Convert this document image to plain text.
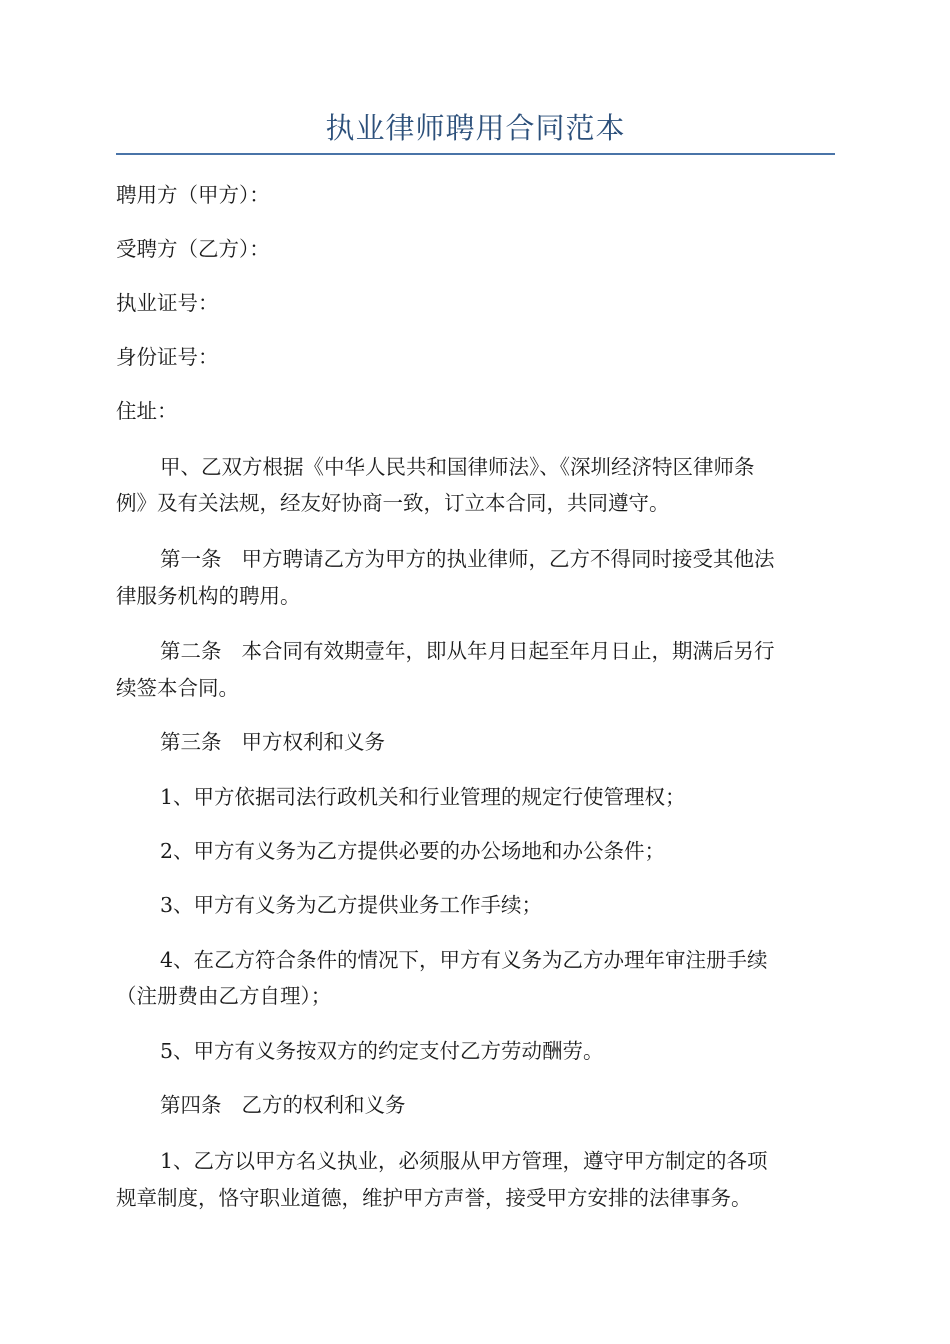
执业律师聘用合同范本

聘用方（甲方）：

受聘方（乙方）：

执业证号：

身份证号：

住址：

甲、乙双方根据《中华人民共和国律师法》、《深圳经济特区律师条

例》及有关法规，经友好协商一致，订立本合同，共同遵守。

第一条 甲方聘请乙方为甲方的执业律师，乙方不得同时接受其他法

律服务机构的聘用。

第二条 本合同有效期壹年，即从年月日起至年月日止，期满后另行

续签本合同。

第三条 甲方权利和义务

1、甲方依据司法行政机关和行业管理的规定行使管理权；

2、甲方有义务为乙方提供必要的办公场地和办公条件；

3、甲方有义务为乙方提供业务工作手续；

4、在乙方符合条件的情况下，甲方有义务为乙方办理年审注册手续

（注册费由乙方自理）；

5、甲方有义务按双方的约定支付乙方劳动酬劳。

第四条 乙方的权利和义务

1、乙方以甲方名义执业，必须服从甲方管理，遵守甲方制定的各项

规章制度，恪守职业道德，维护甲方声誉，接受甲方安排的法律事务。
